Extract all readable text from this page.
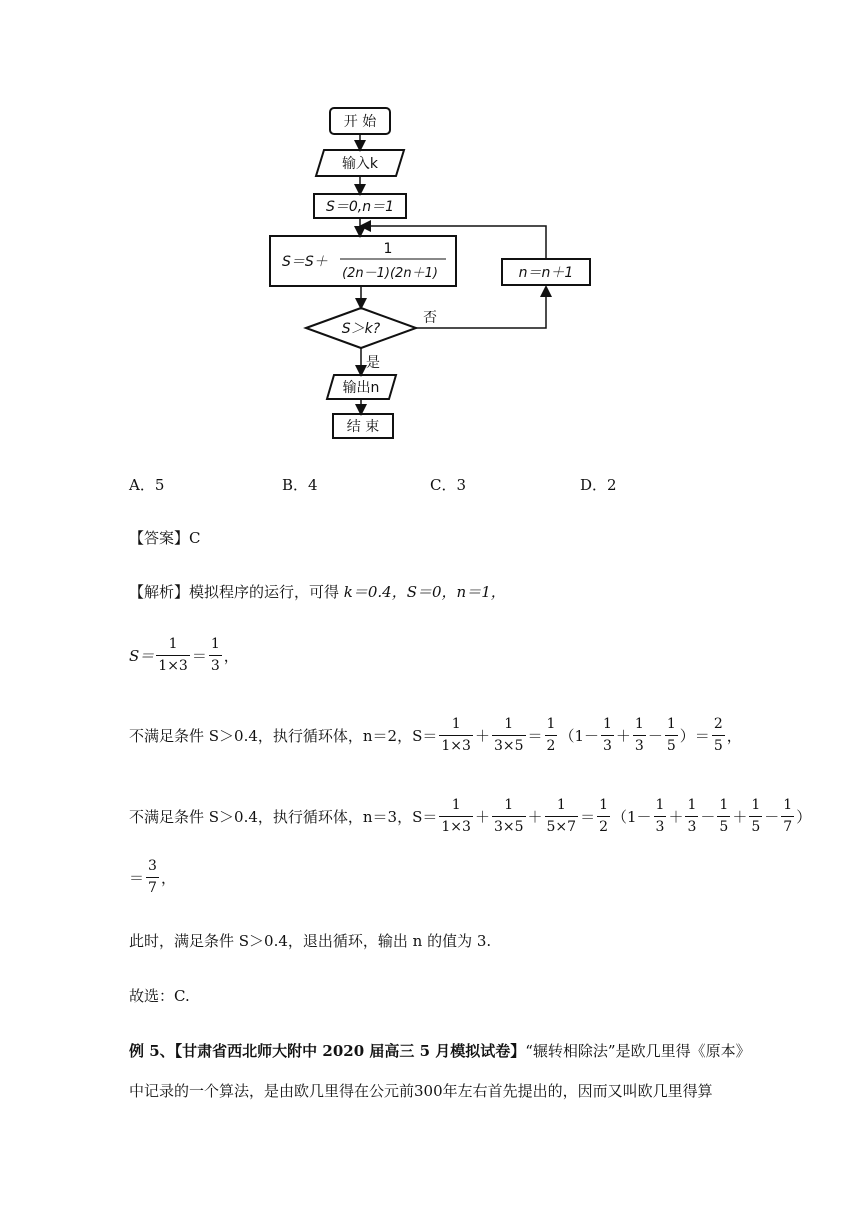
开 始
输入k
S＝0,n＝1
S＝S＋
1
(2n－1)(2n＋1)
S＞k?
否
是
n＝n＋1
输出n
结 束
A．5	B．4	C．3	D．2
【答案】C
【解析】模拟程序的运行，可得 k＝0.4，S＝0，n＝1，
$S= \frac{1}{1\times 3} = \frac{1}{3}$ ，
不满足条件 S＞0.4，执行循环体，n＝2，$S= \frac{1}{1\times 3} + \frac{1}{3\times 5} = \frac{1}{2} (1- \frac{1}{3} + \frac{1}{3} - \frac{1}{5}$ ） ＝ $\frac{2}{5}$ ，
不满足条件 S＞0.4，执行循环体，n＝3，$S= \frac{1}{1\times 3} + \frac{1}{3\times 5} + \frac{1}{5\times 7} = \frac{1}{2} (1- \frac{1}{3} + \frac{1}{3} - \frac{1}{5} + \frac{1}{5} - \frac{1}{7}$ ）
＝ $\frac{3}{7}$ ，
此时，满足条件 S＞0.4，退出循环，输出 n 的值为 3.
故选：C.
例 5、【甘肃省西北师大附中 2020 届高三 5 月模拟试卷】“辗转相除法”是欧几里得《原本》
中记录的一个算法，是由欧几里得在公元前300年左右首先提出的，因而又叫欧几里得算
